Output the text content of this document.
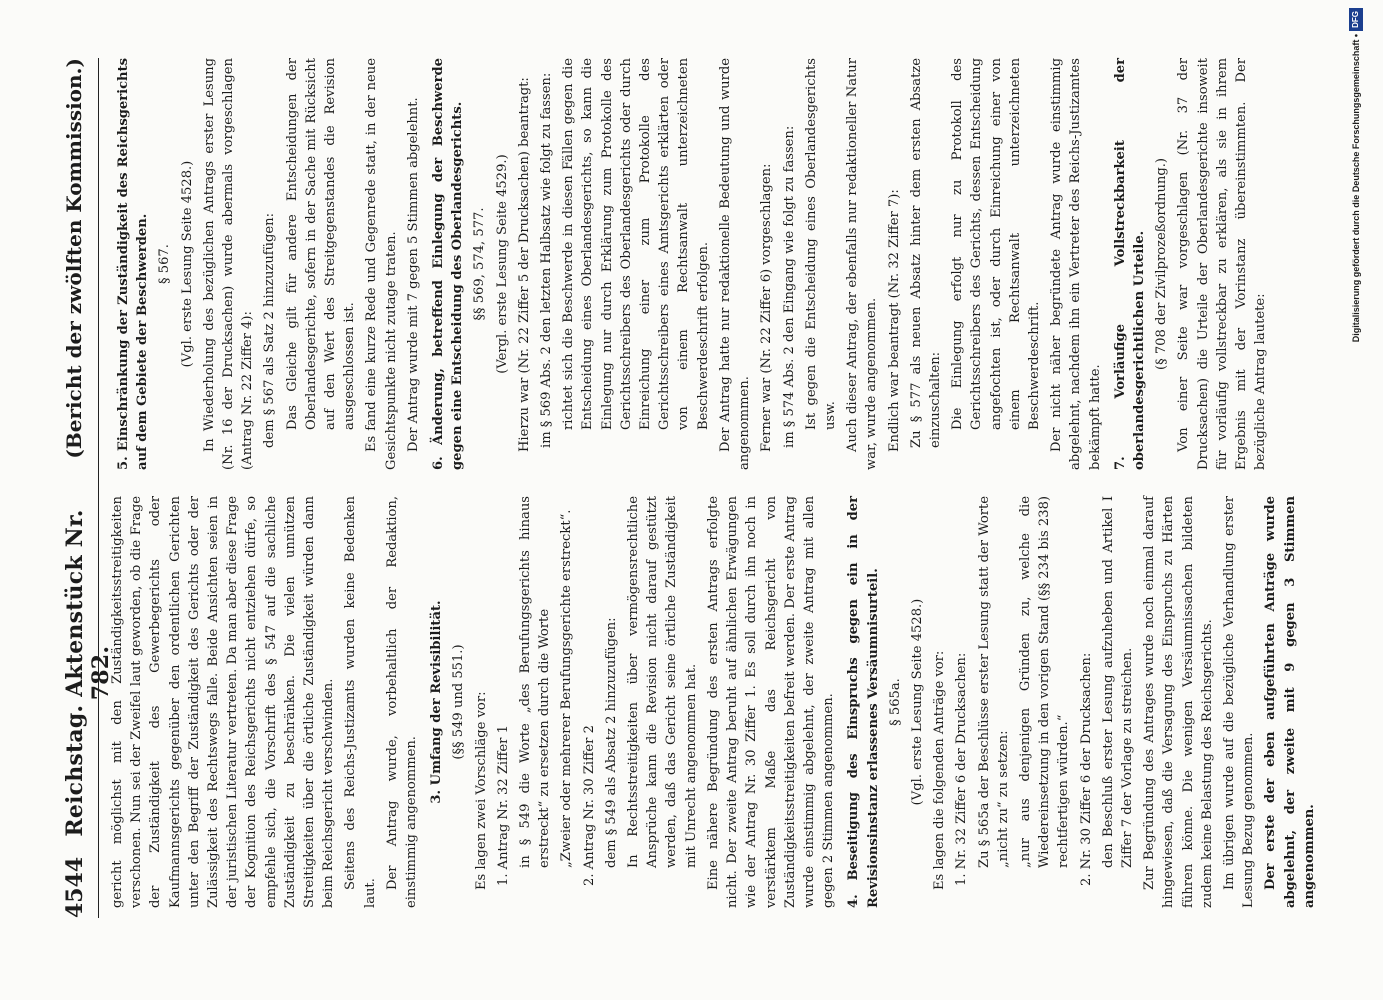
Digitalisierung gefördert durch die Deutsche Forschungsgemeinschaft •
DFG
4544
Reichstag. Aktenstück Nr. 782.
(Bericht der zwölften Kommission.)

gericht möglichst mit den Zuständigkeitsstreitigkeiten verschonen. Nun sei der Zweifel laut geworden, ob die Frage der Zuständigkeit des Gewerbegerichts oder Kaufmannsgerichts gegenüber den ordentlichen Gerichten unter den Begriff der Zuständigkeit des Gerichts oder der Zulässigkeit des Rechtswegs falle. Beide Ansichten seien in der juristischen Literatur vertreten. Da man aber diese Frage der Kognition des Reichsgerichts nicht entziehen dürfe, so empfehle sich, die Vorschrift des § 547 auf die sachliche Zuständigkeit zu beschränken. Die vielen unnützen Streitigkeiten über die örtliche Zuständigkeit würden dann beim Reichsgericht verschwinden. Seitens des Reichs-Justizamts wurden keine Bedenken laut.

Der Antrag wurde, vorbehaltlich der Redaktion, einstimmig angenommen.

3. Umfang der Revisibilität. (§§ 549 und 551.) Es lagen zwei Vorschläge vor: 1. Antrag Nr. 32 Ziffer 1 in § 549 die Worte „des Berufungsgerichts hinaus erstreckt“ zu ersetzen durch die Worte „Zweier oder mehrerer Berufungsgerichte erstreckt“. 2. Antrag Nr. 30 Ziffer 2 dem § 549 als Absatz 2 hinzuzufügen: In Rechtsstreitigkeiten über vermögensrechtliche Ansprüche kann die Revision nicht darauf gestützt werden, daß das Gericht seine örtliche Zuständigkeit mit Unrecht angenommen hat. Eine nähere Begründung des ersten Antrags erfolgte nicht. Der zweite Antrag beruht auf ähnlichen Erwägungen wie der Antrag Nr. 30 Ziffer 1. Es soll durch ihn noch in verstärktem Maße das Reichsgericht von Zuständigkeitsstreitigkeiten befreit werden. Der erste Antrag wurde einstimmig abgelehnt, der zweite Antrag mit allen gegen 2 Stimmen angenommen. 4. Beseitigung des Einspruchs gegen ein in der Revisionsinstanz erlassenes Versäumnisurteil. § 565a. (Vgl. erste Lesung Seite 4528.) Es lagen die folgenden Anträge vor: 1. Nr. 32 Ziffer 6 der Drucksachen: Zu § 565a der Beschlüsse erster Lesung statt der Worte „nicht zu“ zu setzen: „nur aus denjenigen Gründen zu, welche die Wiedereinsetzung in den vorigen Stand (§§ 234 bis 238) rechtfertigen würden.“ 2. Nr. 30 Ziffer 6 der Drucksachen: den Beschluß erster Lesung aufzuheben und Artikel I Ziffer 7 der Vorlage zu streichen. Zur Begründung des Antrages wurde noch einmal darauf hingewiesen, daß die Versagung des Einspruchs zu Härten führen könne. Die wenigen Versäumnissachen bildeten zudem keine Belastung des Reichsgerichts. Im übrigen wurde auf die bezügliche Verhandlung erster Lesung Bezug genommen. Der erste der eben aufgeführten Anträge wurde abgelehnt, der zweite mit 9 gegen 3 Stimmen angenommen.

5. Einschränkung der Zuständigkeit des Reichsgerichts auf dem Gebiete der Beschwerden. § 567. (Vgl. erste Lesung Seite 4528.) In Wiederholung des bezüglichen Antrags erster Lesung (Nr. 16 der Drucksachen) wurde abermals vorgeschlagen (Antrag Nr. 22 Ziffer 4): dem § 567 als Satz 2 hinzuzufügen: Das Gleiche gilt für andere Entscheidungen der Oberlandesgerichte, sofern in der Sache mit Rücksicht auf den Wert des Streitgegenstandes die Revision ausgeschlossen ist. Es fand eine kurze Rede und Gegenrede statt, in der neue Gesichtspunkte nicht zutage traten. Der Antrag wurde mit 7 gegen 5 Stimmen abgelehnt. 6. Änderung, betreffend Einlegung der Beschwerde gegen eine Entscheidung des Oberlandesgerichts. §§ 569, 574, 577. (Vergl. erste Lesung Seite 4529.) Hierzu war (Nr. 22 Ziffer 5 der Drucksachen) beantragt: im § 569 Abs. 2 den letzten Halbsatz wie folgt zu fassen: richtet sich die Beschwerde in diesen Fällen gegen die Entscheidung eines Oberlandesgerichts, so kann die Einlegung nur durch Erklärung zum Protokolle des Gerichtsschreibers des Oberlandesgerichts oder durch Einreichung einer zum Protokolle des Gerichtsschreibers eines Amtsgerichts erklärten oder von einem Rechtsanwalt unterzeichneten Beschwerdeschrift erfolgen. Der Antrag hatte nur redaktionelle Bedeutung und wurde angenommen. Ferner war (Nr. 22 Ziffer 6) vorgeschlagen: im § 574 Abs. 2 den Eingang wie folgt zu fassen: Ist gegen die Entscheidung eines Oberlandesgerichts usw. Auch dieser Antrag, der ebenfalls nur redaktioneller Natur war, wurde angenommen. Endlich war beantragt (Nr. 32 Ziffer 7): Zu § 577 als neuen Absatz hinter dem ersten Absatze einzuschalten: Die Einlegung erfolgt nur zu Protokoll des Gerichtsschreibers des Gerichts, dessen Entscheidung angefochten ist, oder durch Einreichung einer von einem Rechtsanwalt unterzeichneten Beschwerdeschrift. Der nicht näher begründete Antrag wurde einstimmig abgelehnt, nachdem ihn ein Vertreter des Reichs-Justizamtes bekämpft hatte. 7. Vorläufige Vollstreckbarkeit der oberlandesgerichtlichen Urteile. (§ 708 der Zivilprozeßordnung.) Von einer Seite war vorgeschlagen (Nr. 37 der Drucksachen) die Urteile der Oberlandesgerichte insoweit für vorläufig vollstreckbar zu erklären, als sie in ihrem Ergebnis mit der Vorinstanz übereinstimmten. Der bezügliche Antrag lautete:
